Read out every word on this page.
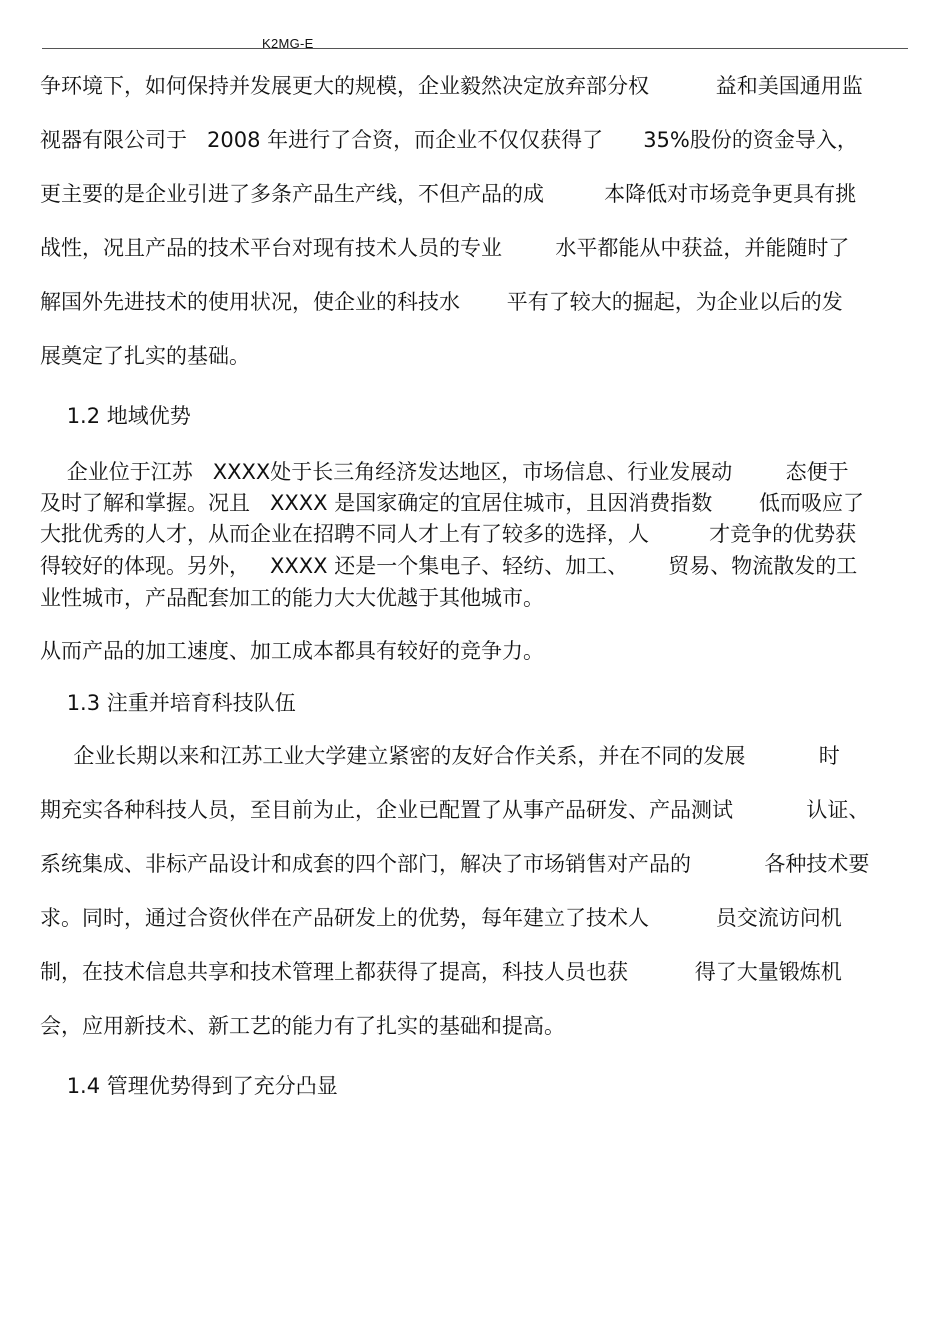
K2MG-E
争环境下，如何保持并发展更大的规模，企业毅然决定放弃部分权          益和美国通用监
视器有限公司于   2008 年进行了合资，而企业不仅仅获得了      35%股份的资金导入，
更主要的是企业引进了多条产品生产线，不但产品的成         本降低对市场竞争更具有挑
战性，况且产品的技术平台对现有技术人员的专业        水平都能从中获益，并能随时了
解国外先进技术的使用状况，使企业的科技水       平有了较大的掘起，为企业以后的发
展奠定了扎实的基础。
1.2 地域优势
企业位于江苏   XXXX处于长三角经济发达地区，市场信息、行业发展动        态便于
及时了解和掌握。况且   XXXX 是国家确定的宜居住城市，且因消费指数       低而吸应了
大批优秀的人才，从而企业在招聘不同人才上有了较多的选择，人         才竞争的优势获
得较好的体现。另外，   XXXX 还是一个集电子、轻纺、加工、      贸易、物流散发的工
业性城市，产品配套加工的能力大大优越于其他城市。
从而产品的加工速度、加工成本都具有较好的竞争力。
1.3 注重并培育科技队伍
企业长期以来和江苏工业大学建立紧密的友好合作关系，并在不同的发展           时
期充实各种科技人员，至目前为止，企业已配置了从事产品研发、产品测试           认证、
系统集成、非标产品设计和成套的四个部门，解决了市场销售对产品的           各种技术要
求。同时，通过合资伙伴在产品研发上的优势，每年建立了技术人          员交流访问机
制，在技术信息共享和技术管理上都获得了提高，科技人员也获          得了大量锻炼机
会，应用新技术、新工艺的能力有了扎实的基础和提高。
1.4 管理优势得到了充分凸显
